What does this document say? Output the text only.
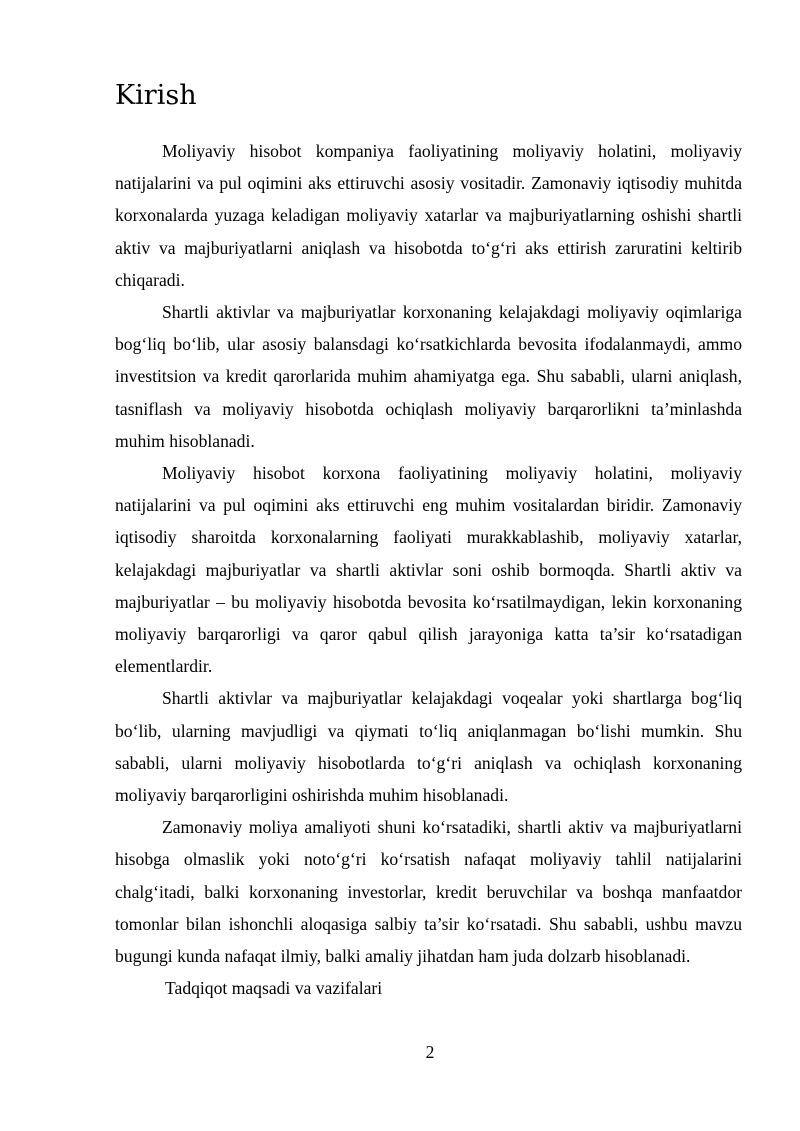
Kirish

Moliyaviy hisobot kompaniya faoliyatining moliyaviy holatini, moliyaviy natijalarini va pul oqimini aks ettiruvchi asosiy vositadir. Zamonaviy iqtisodiy muhitda korxonalarda yuzaga keladigan moliyaviy xatarlar va majburiyatlarning oshishi shartli aktiv va majburiyatlarni aniqlash va hisobotda to‘g‘ri aks ettirish zaruratini keltirib chiqaradi.

Shartli aktivlar va majburiyatlar korxonaning kelajakdagi moliyaviy oqimlariga bog‘liq bo‘lib, ular asosiy balansdagi ko‘rsatkichlarda bevosita ifodalanmaydi, ammo investitsion va kredit qarorlarida muhim ahamiyatga ega. Shu sababli, ularni aniqlash, tasniflash va moliyaviy hisobotda ochiqlash moliyaviy barqarorlikni ta’minlashda muhim hisoblanadi.

Moliyaviy hisobot korxona faoliyatining moliyaviy holatini, moliyaviy natijalarini va pul oqimini aks ettiruvchi eng muhim vositalardan biridir. Zamonaviy iqtisodiy sharoitda korxonalarning faoliyati murakkablashib, moliyaviy xatarlar, kelajakdagi majburiyatlar va shartli aktivlar soni oshib bormoqda. Shartli aktiv va majburiyatlar – bu moliyaviy hisobotda bevosita ko‘rsatilmaydigan, lekin korxonaning moliyaviy barqarorligi va qaror qabul qilish jarayoniga katta ta’sir ko‘rsatadigan elementlardir.

Shartli aktivlar va majburiyatlar kelajakdagi voqealar yoki shartlarga bog‘liq bo‘lib, ularning mavjudligi va qiymati to‘liq aniqlanmagan bo‘lishi mumkin. Shu sababli, ularni moliyaviy hisobotlarda to‘g‘ri aniqlash va ochiqlash korxonaning moliyaviy barqarorligini oshirishda muhim hisoblanadi.

Zamonaviy moliya amaliyoti shuni ko‘rsatadiki, shartli aktiv va majburiyatlarni hisobga olmaslik yoki noto‘g‘ri ko‘rsatish nafaqat moliyaviy tahlil natijalarini chalg‘itadi, balki korxonaning investorlar, kredit beruvchilar va boshqa manfaatdor tomonlar bilan ishonchli aloqasiga salbiy ta’sir ko‘rsatadi. Shu sababli, ushbu mavzu bugungi kunda nafaqat ilmiy, balki amaliy jihatdan ham juda dolzarb hisoblanadi.

Tadqiqot maqsadi va vazifalari

2
